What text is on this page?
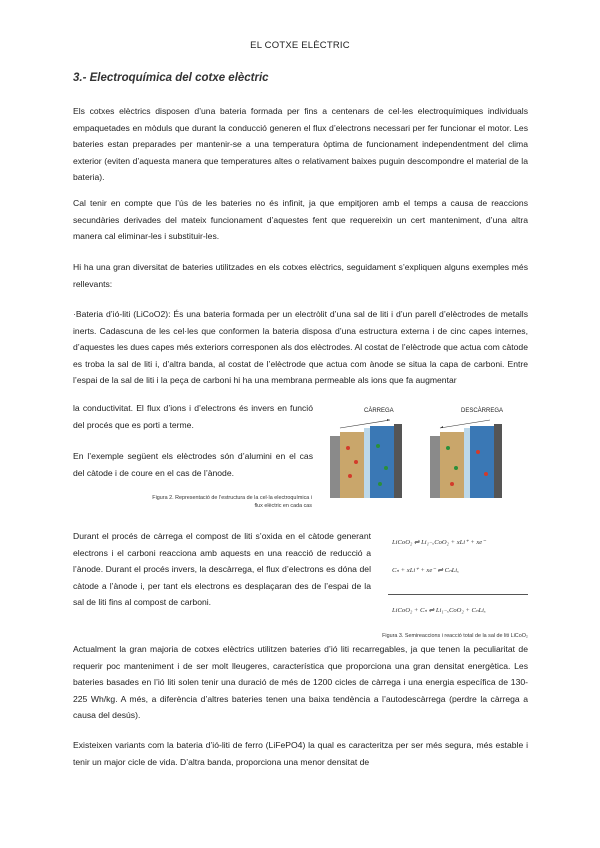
EL COTXE ELÈCTRIC
3.- Electroquímica del cotxe elèctric
Els cotxes elèctrics disposen d’una bateria formada per fins a centenars de cel·les electroquímiques individuals empaquetades en mòduls que durant la conducció generen el flux d’electrons necessari per fer funcionar el motor. Les bateries estan preparades per mantenir-se a una temperatura òptima de funcionament independentment del clima exterior (eviten d’aquesta manera que temperatures altes o relativament baixes puguin descompondre el material de la bateria).
Cal tenir en compte que l’ús de les bateries no és infinit, ja que empitjoren amb el temps a causa de reaccions secundàries derivades del mateix funcionament d’aquestes fent que requereixin un cert manteniment, d’una altra manera cal eliminar-les i substituir-les.
Hi ha una gran diversitat de bateries utilitzades en els cotxes elèctrics, seguidament s’expliquen alguns exemples més rellevants:
·Bateria d’ió-liti (LiCoO2): És una bateria formada per un electròlit d’una sal de liti i d’un parell d’elèctrodes de metalls inerts. Cadascuna de les cel·les que conformen la bateria disposa d’una estructura externa i de cinc capes internes, d’aquestes les dues capes més exteriors corresponen als dos elèctrodes. Al costat de l’elèctrode que actua com càtode es troba la sal de liti i, d’altra banda, al costat de l’elèctrode que actua com ànode se situa la capa de carboni. Entre l’espai de la sal de liti i la peça de carboni hi ha una membrana permeable als ions que fa augmentar
la conductivitat. El flux d’ions i d’electrons és invers en funció del procés que es porti a terme.
En l’exemple següent els elèctrodes són d’alumini en el cas del càtode i de coure en el cas de l’ànode.
CÀRREGA	DESCÀRREGA
Figura 2. Representació de l’estructura de la cel·la electroquímica i flux elèctric en cada cas
Durant el procés de càrrega el compost de liti s’oxida en el càtode generant electrons i el carboni reacciona amb aquests en una reacció de reducció a l’ànode. Durant el procés invers, la descàrrega, el flux d’electrons es dóna del càtode a l’ànode i, per tant els electrons es desplaçaran des de l’espai de la sal de liti fins al compost de carboni.
LiCoO₂ ⇌ Li₁₋ₓCoO₂ + xLi⁺ + xe⁻
Cₙ + xLi⁺ + xe⁻ ⇌ CₙLiₓ
LiCoO₂ + Cₙ ⇌ Li₁₋ₓCoO₂ + CₙLiₓ
Figura 3. Semireaccions i reacció total de la sal de liti LiCoO₂
Actualment la gran majoria de cotxes elèctrics utilitzen bateries d’ió liti recarregables, ja que tenen la peculiaritat de requerir poc manteniment i de ser molt lleugeres, característica que proporciona una gran densitat energètica. Les bateries basades en l’ió liti solen tenir una duració de més de 1200 cicles de càrrega i una energia específica de 130-225 Wh/kg. A més, a diferència d’altres bateries tenen una baixa tendència a l’autodescàrrega (perdre la càrrega a causa del desús).
Existeixen variants com la bateria d’ió-liti de ferro (LiFePO4) la qual es caracteritza per ser més segura, més estable i tenir un major cicle de vida. D’altra banda, proporciona una menor densitat de
